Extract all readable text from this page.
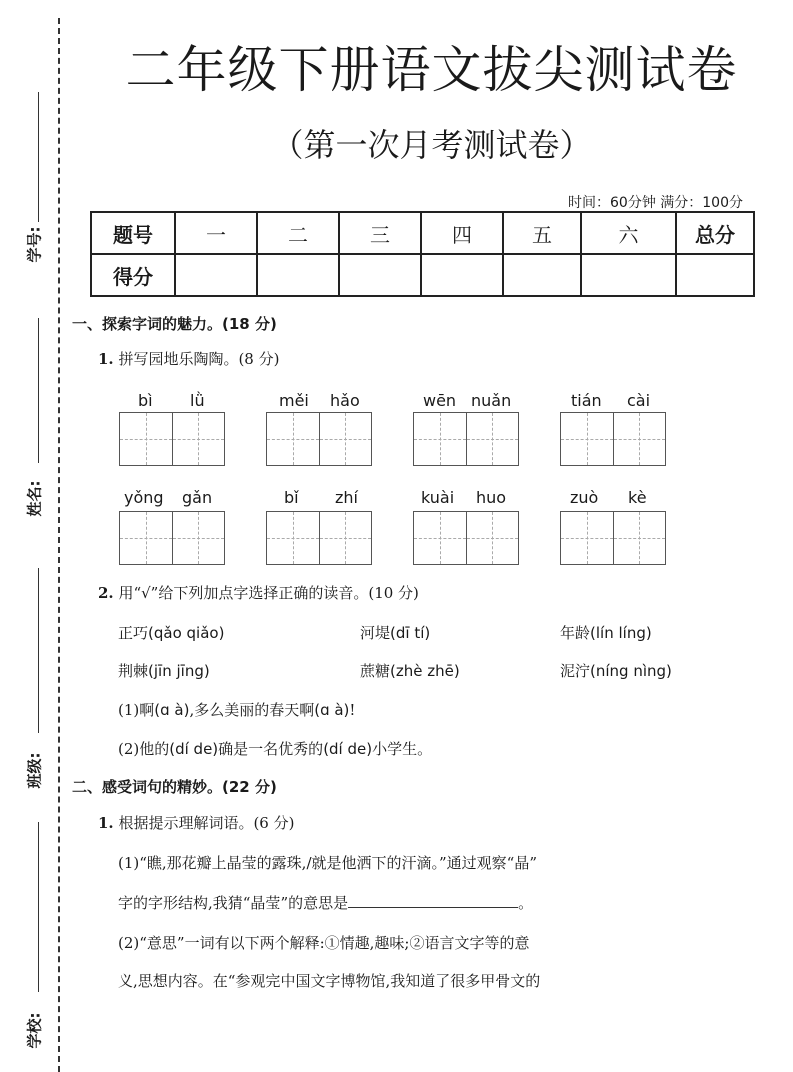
学号:
姓名:
班级:
学校:
二年级下册语文拔尖测试卷
（第一次月考测试卷）
时间：60分钟 满分：100分
题号	一	二	三	四	五	六	总分
得分							
一、探索字词的魅力。(18 分)
1. 拼写园地乐陶陶。(8 分)
bì lǜ	měi hǎo	wēn nuǎn	tián cài
yǒng gǎn	bǐ zhí	kuài huo	zuò kè
2. 用“√”给下列加点字选择正确的读音。(10 分)
正巧(qǎo qiǎo)	河堤(dī tí)	年龄(lín líng)
荆棘(jīn jīng)	蔗糖(zhè zhē)	泥泞(níng nìng)
(1)啊(ɑ à),多么美丽的春天啊(ɑ à)!
(2)他的(dí de)确是一名优秀的(dí de)小学生。
二、感受词句的精妙。(22 分)
1. 根据提示理解词语。(6 分)
(1)“瞧,那花瓣上晶莹的露珠,/就是他洒下的汗滴。”通过观察“晶”
字的字形结构,我猜“晶莹”的意思是	。
(2)“意思”一词有以下两个解释:①情趣,趣味;②语言文字等的意
义,思想内容。在“参观完中国文字博物馆,我知道了很多甲骨文的
